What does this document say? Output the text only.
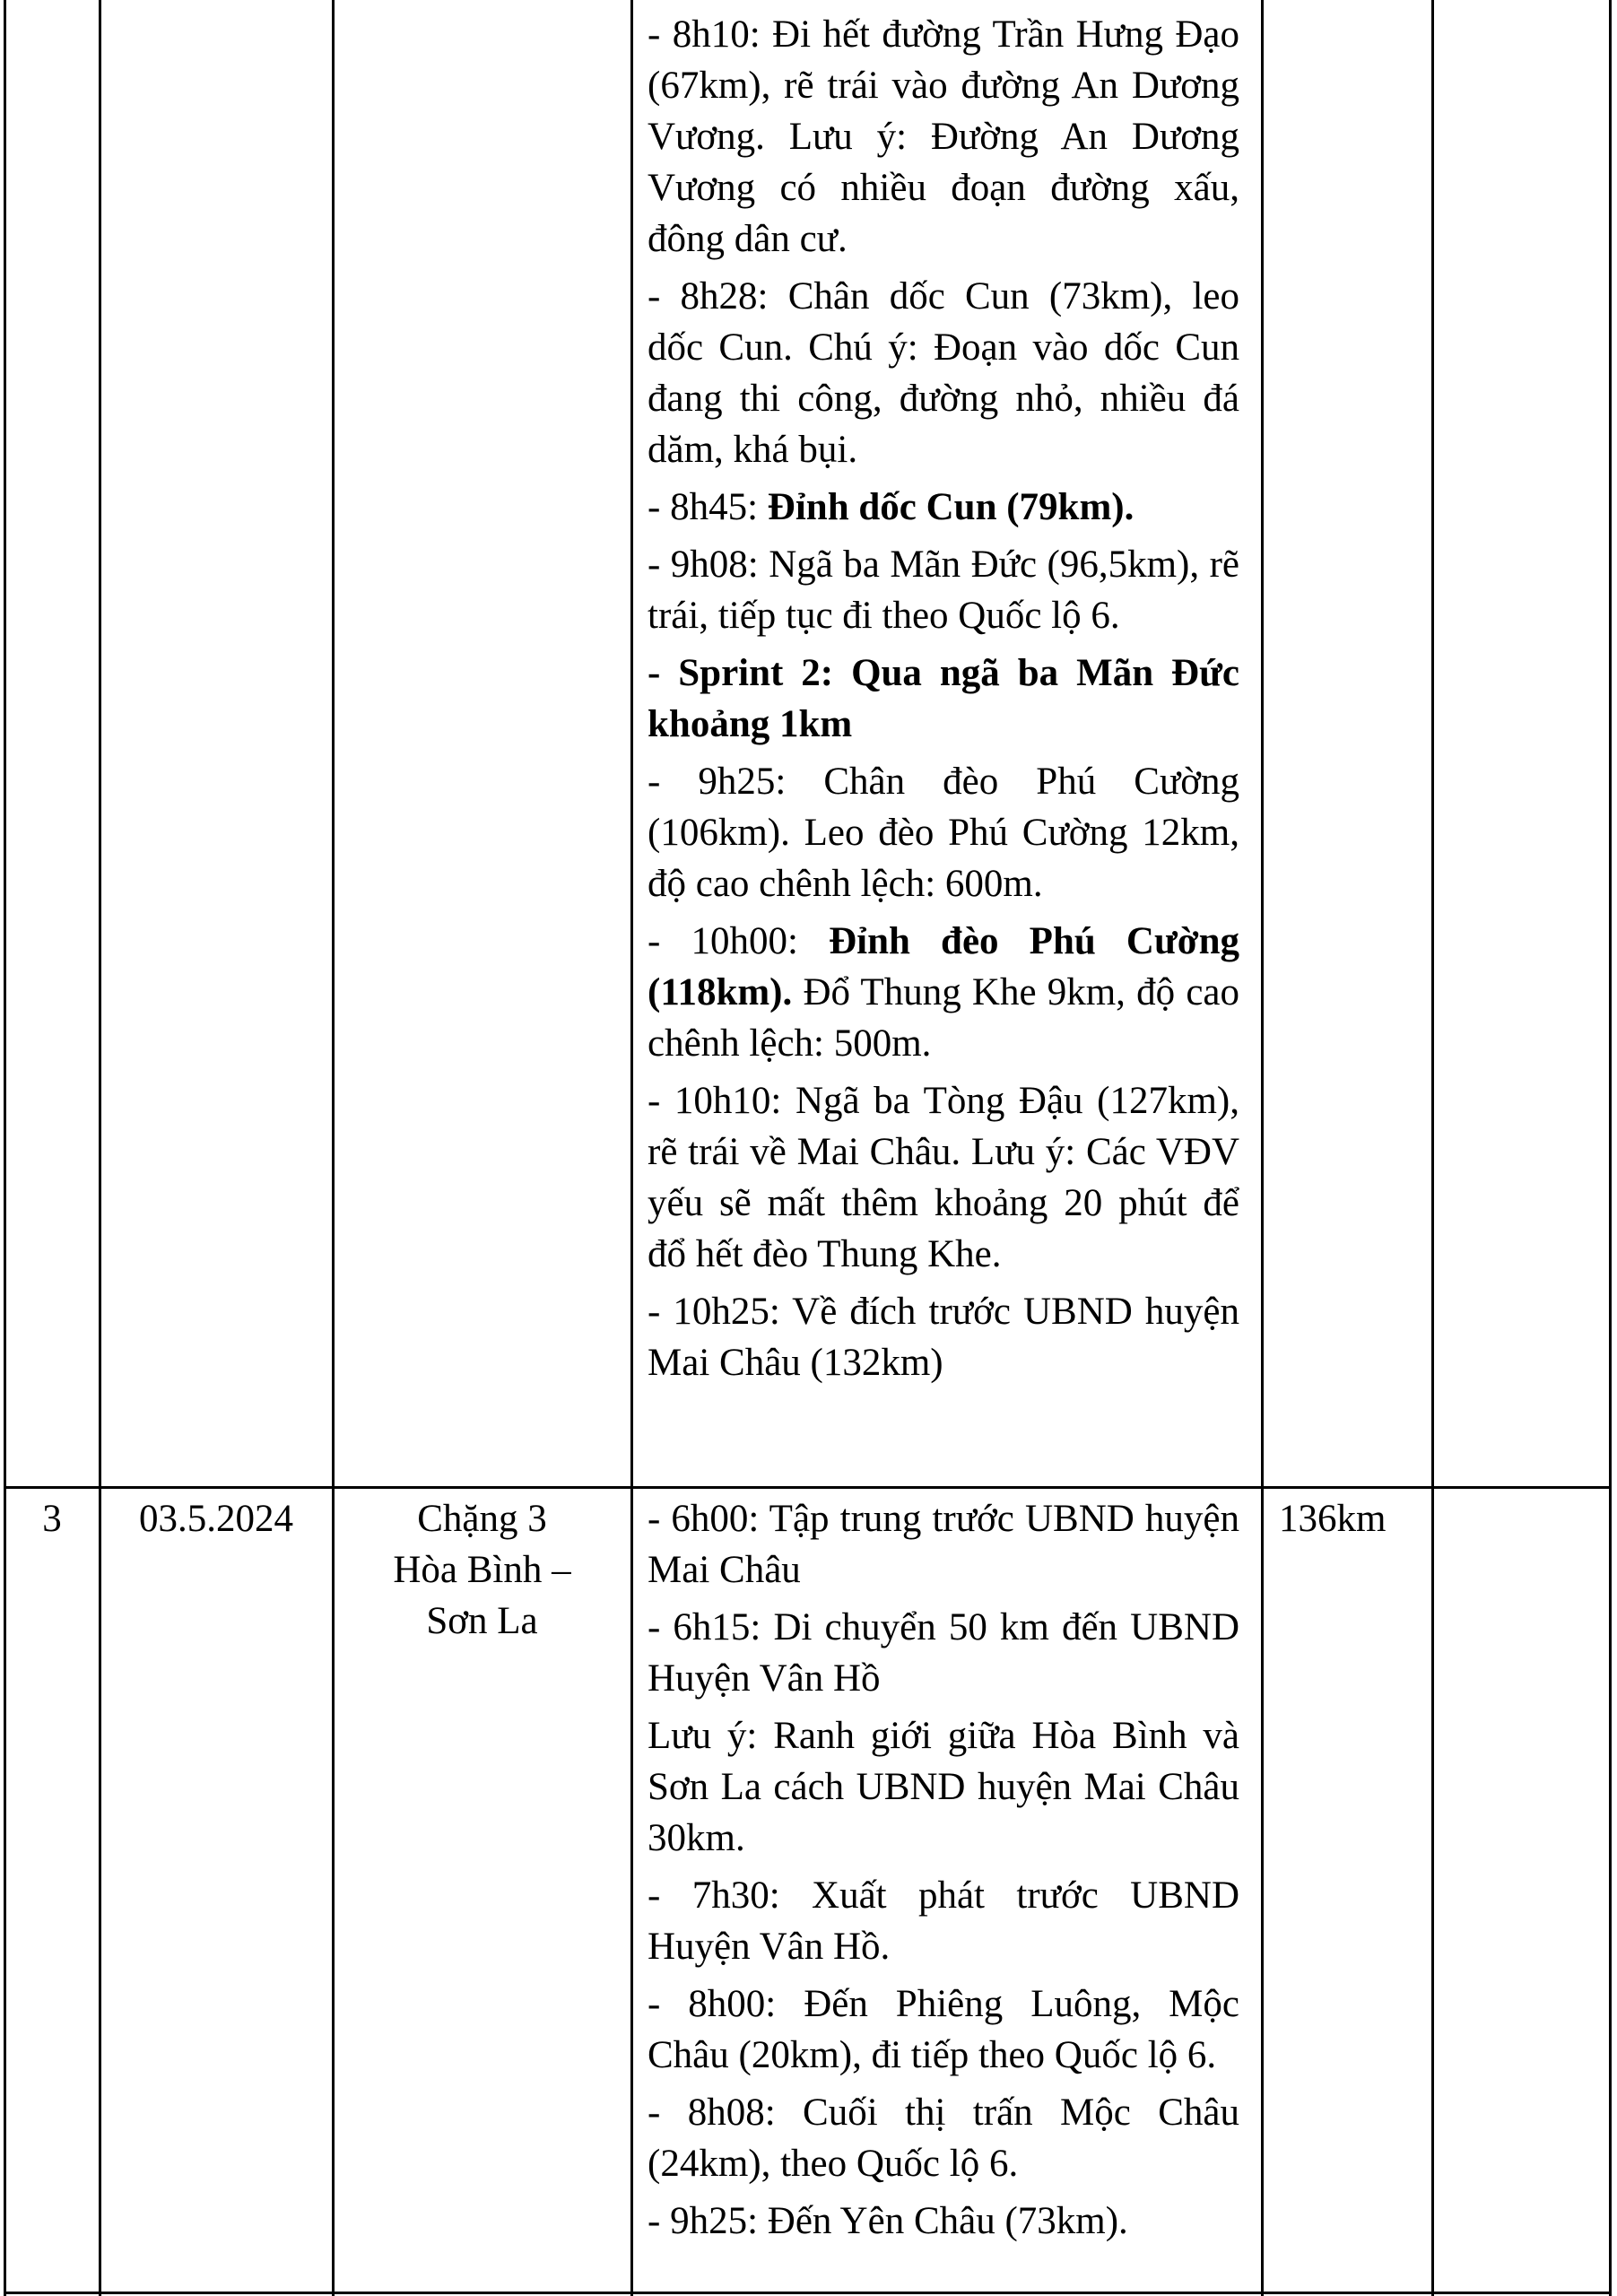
- 8h10: Đi hết đường Trần Hưng Đạo (67km), rẽ trái vào đường An Dương Vương. Lưu ý: Đường An Dương Vương có nhiều đoạn đường xấu, đông dân cư.
- 8h28: Chân dốc Cun (73km), leo dốc Cun. Chú ý: Đoạn vào dốc Cun đang thi công, đường nhỏ, nhiều đá dăm, khá bụi.
- 8h45: Đỉnh dốc Cun (79km).
- 9h08: Ngã ba Mãn Đức (96,5km), rẽ trái, tiếp tục đi theo Quốc lộ 6.
- Sprint 2: Qua ngã ba Mãn Đức khoảng 1km
- 9h25: Chân đèo Phú Cường (106km). Leo đèo Phú Cường 12km, độ cao chênh lệch: 600m.
- 10h00: Đỉnh đèo Phú Cường (118km). Đổ Thung Khe 9km, độ cao chênh lệch: 500m.
- 10h10: Ngã ba Tòng Đậu (127km), rẽ trái về Mai Châu. Lưu ý: Các VĐV yếu sẽ mất thêm khoảng 20 phút để đổ hết đèo Thung Khe.
- 10h25: Về đích trước UBND huyện Mai Châu (132km)
3	03.5.2024	Chặng 3
Hòa Bình –
Sơn La
- 6h00: Tập trung trước UBND huyện Mai Châu
- 6h15: Di chuyển 50 km đến UBND Huyện Vân Hồ
Lưu ý: Ranh giới giữa Hòa Bình và Sơn La cách UBND huyện Mai Châu 30km.
- 7h30: Xuất phát trước UBND Huyện Vân Hồ.
- 8h00: Đến Phiêng Luông, Mộc Châu (20km), đi tiếp theo Quốc lộ 6.
- 8h08: Cuối thị trấn Mộc Châu (24km), theo Quốc lộ 6.
- 9h25: Đến Yên Châu (73km).
136km
